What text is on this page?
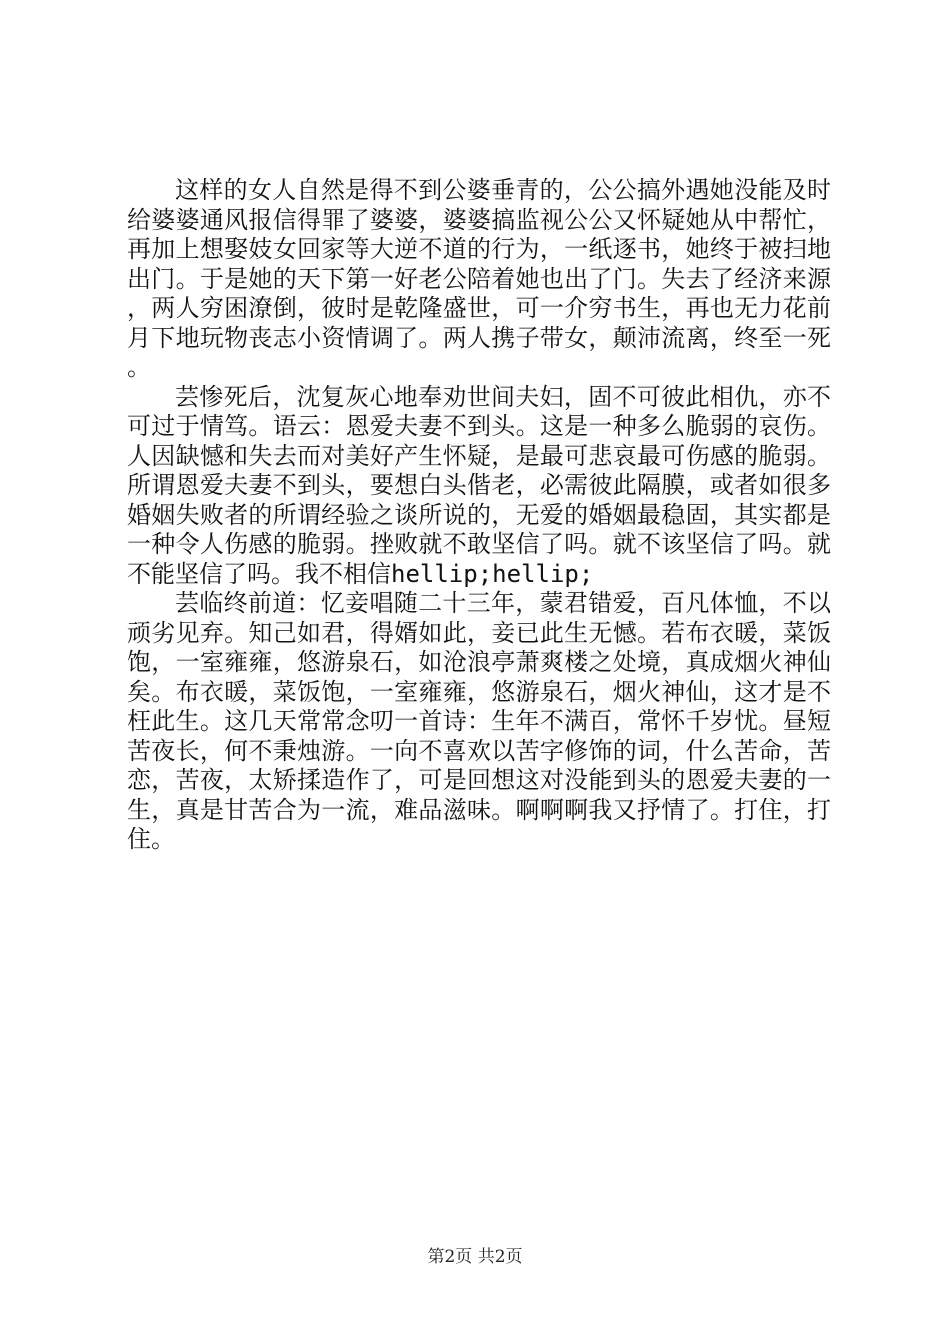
这样的女人自然是得不到公婆垂青的，公公搞外遇她没能及时给婆婆通风报信得罪了婆婆，婆婆搞监视公公又怀疑她从中帮忙，再加上想娶妓女回家等大逆不道的行为，一纸逐书，她终于被扫地出门。于是她的天下第一好老公陪着她也出了门。失去了经济来源，两人穷困潦倒，彼时是乾隆盛世，可一介穷书生，再也无力花前月下地玩物丧志小资情调了。两人携子带女，颠沛流离，终至一死。

芸惨死后，沈复灰心地奉劝世间夫妇，固不可彼此相仇，亦不可过于情笃。语云：恩爱夫妻不到头。这是一种多么脆弱的哀伤。人因缺憾和失去而对美好产生怀疑，是最可悲哀最可伤感的脆弱。所谓恩爱夫妻不到头，要想白头偕老，必需彼此隔膜，或者如很多婚姻失败者的所谓经验之谈所说的，无爱的婚姻最稳固，其实都是一种令人伤感的脆弱。挫败就不敢坚信了吗。就不该坚信了吗。就不能坚信了吗。我不相信hellip;hellip;

芸临终前道：忆妾唱随二十三年，蒙君错爱，百凡体恤，不以顽劣见弃。知己如君，得婿如此，妾已此生无憾。若布衣暖，菜饭饱，一室雍雍，悠游泉石，如沧浪亭萧爽楼之处境，真成烟火神仙矣。布衣暖，菜饭饱，一室雍雍，悠游泉石，烟火神仙，这才是不枉此生。这几天常常念叨一首诗：生年不满百，常怀千岁忧。昼短苦夜长，何不秉烛游。一向不喜欢以苦字修饰的词，什么苦命，苦恋，苦夜，太矫揉造作了，可是回想这对没能到头的恩爱夫妻的一生，真是甘苦合为一流，难品滋味。啊啊啊我又抒情了。打住，打住。

第2页 共2页
